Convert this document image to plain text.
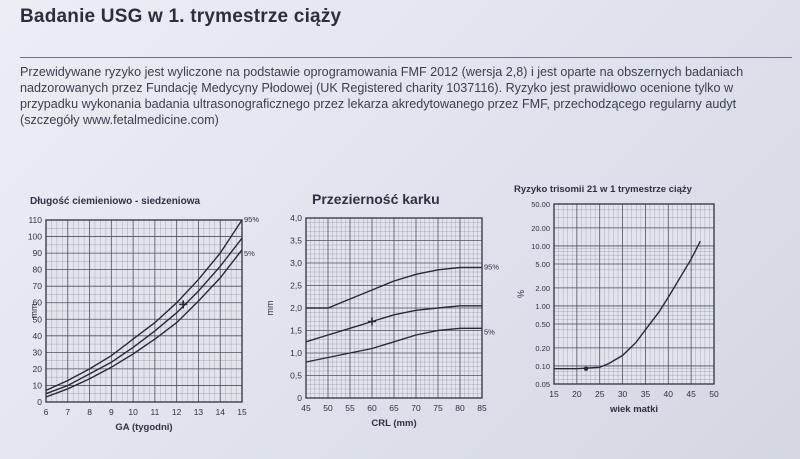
Badanie USG w 1. trymestrze ciąży
Przewidywane ryzyko jest wyliczone na podstawie oprogramowania FMF 2012 (wersja 2,8) i jest oparte na obszernych badaniach nadzorowanych przez Fundację Medycyny Płodowej (UK Registered charity 1037116). Ryzyko jest prawidłowo ocenione tylko w przypadku wykonania badania ultrasonograficznego przez lekarza akredytowanego przez FMF, przechodzącego regularny audyt (szczegóły www.fetalmedicine.com)
Długość ciemieniowo - siedzeniowa
6 7 8 9 10 11 12 13 14 15
0
10
20
30
40
50
60
70
80
90
100
110
GA (tygodni)
mm
95%
5%
Przezierność karku
45 50 55 60 65 70 75 80 85
0
0,5
1,0
1,5
2,0
2,5
3,0
3,5
4,0
CRL (mm)
mm
95%
5%
Ryzyko trisomii 21 w 1 trymestrze ciąży
15 20 25 30 35 40 45 50
0.05
0.10
0.20
0.50
1.00
2.00
5.00
10.00
20.00
50.00
wiek matki
%
